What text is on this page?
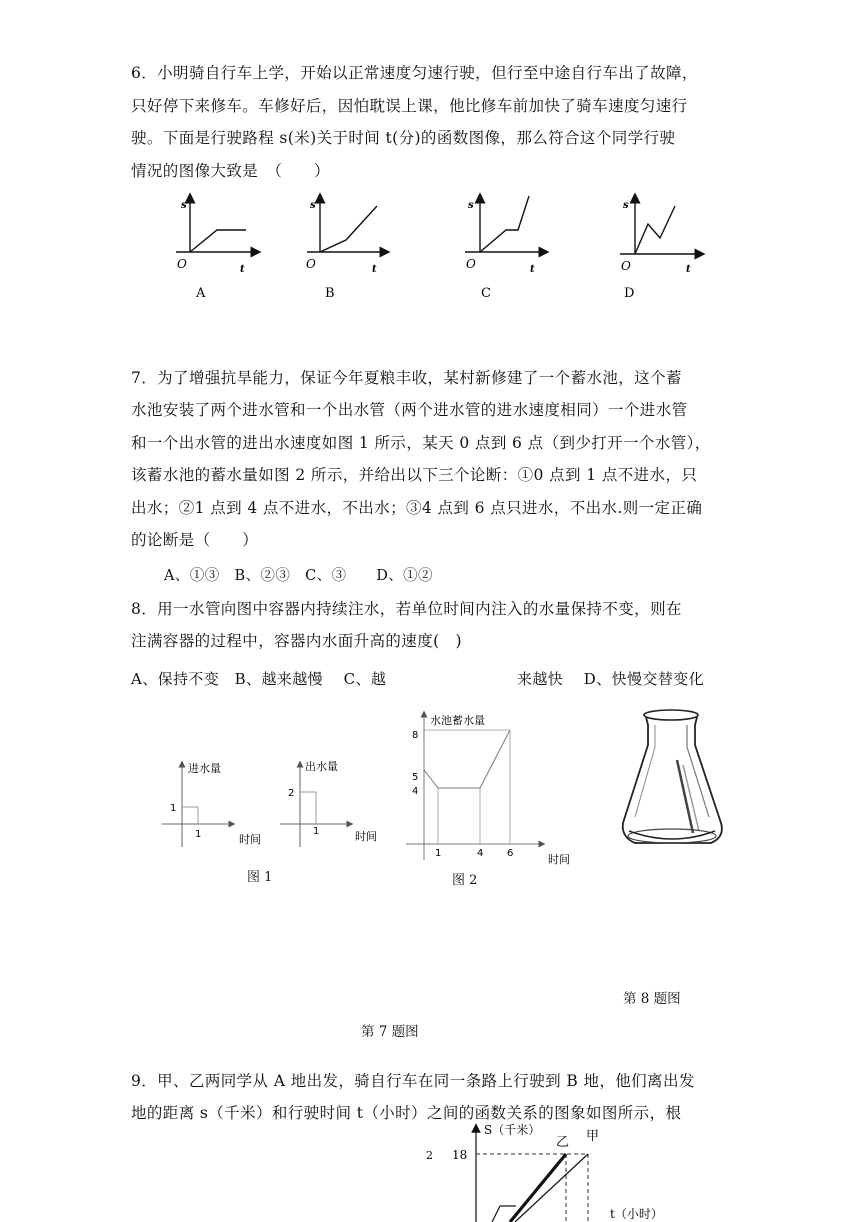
6．小明骑自行车上学，开始以正常速度匀速行驶，但行至中途自行车出了故障，
只好停下来修车。车修好后，因怕耽误上课，他比修车前加快了骑车速度匀速行
驶。下面是行驶路程 s(米)关于时间 t(分)的函数图像，那么符合这个同学行驶
情况的图像大致是　（　　）
s
O	t
A
s
O	t
B
s
O	t
C
s
O	t
D
7．为了增强抗旱能力，保证今年夏粮丰收，某村新修建了一个蓄水池，这个蓄
水池安装了两个进水管和一个出水管（两个进水管的进水速度相同）一个进水管
和一个出水管的进出水速度如图 1 所示，某天 0 点到 6 点（到少打开一个水管），
该蓄水池的蓄水量如图 2 所示，并给出以下三个论断：①0 点到 1 点不进水，只
出水；②1 点到 4 点不进水，不出水；③4 点到 6 点只进水，不出水.则一定正确
的论断是（　　）
A、①③　B、②③　C、③　　D、①②
8．用一水管向图中容器内持续注水，若单位时间内注入的水量保持不变，则在
注满容器的过程中，容器内水面升高的速度(　)
A、保持不变　B、越来越慢　 C、越	来越快　 D、快慢交替变化
进水量
1
1	时间
出水量
2
1	时间
图 1
水池蓄水量
8
5
4
1	4 6	时间
图 2
第 8 题图
第 7 题图
9．甲、乙两同学从 A 地出发，骑自行车在同一条路上行驶到 B 地，他们离出发
地的距离 s（千米）和行驶时间 t（小时）之间的函数关系的图象如图所示，根
S（千米）
乙 甲
18
2
t（小时）
